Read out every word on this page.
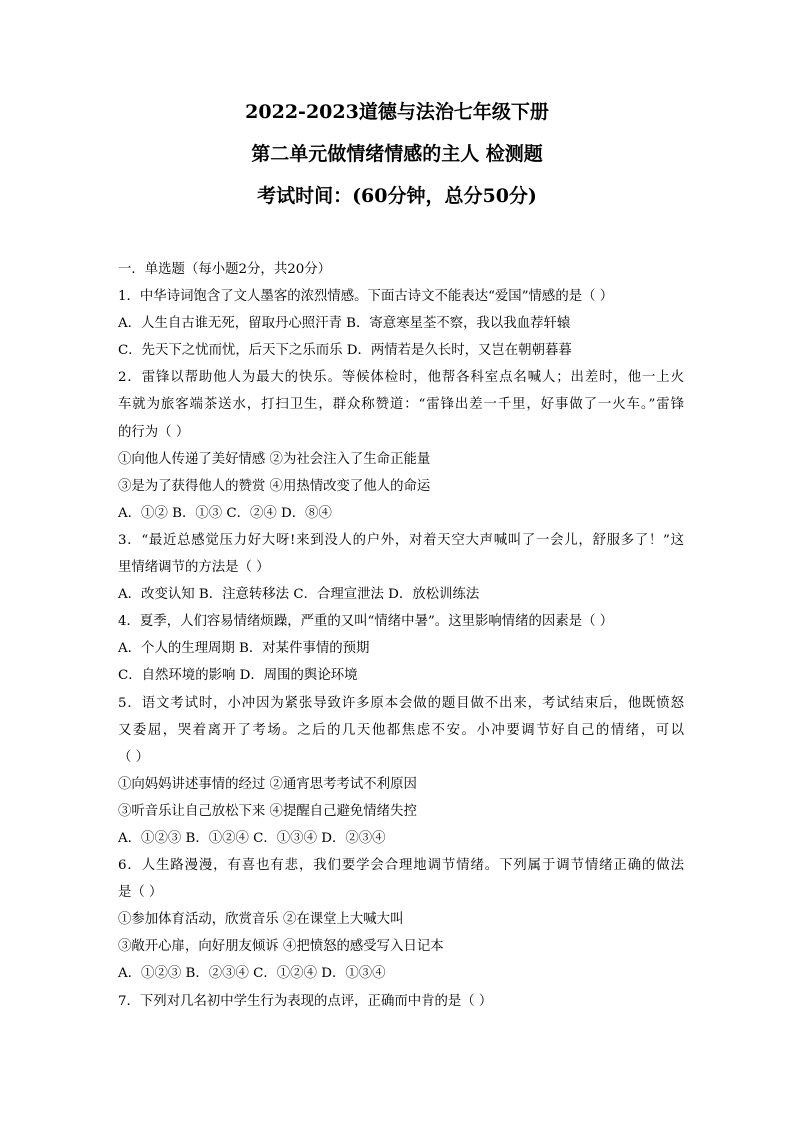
2022-2023道德与法治七年级下册
第二单元做情绪情感的主人 检测题
考试时间：(60分钟，总分50分)
一．单选题（每小题2分，共20分）
1．中华诗词饱含了文人墨客的浓烈情感。下面古诗文不能表达“爱国”情感的是（ ）
A．人生自古谁无死，留取丹心照汗青 B．寄意寒星荃不察，我以我血荐轩辕
C．先天下之忧而忧，后天下之乐而乐 D．两情若是久长时，又岂在朝朝暮暮
2．雷锋以帮助他人为最大的快乐。等候体检时，他帮各科室点名喊人；出差时，他一上火
车就为旅客端茶送水，打扫卫生，群众称赞道：“雷锋出差一千里，好事做了一火车。”雷锋
的行为（ ）
①向他人传递了美好情感 ②为社会注入了生命正能量
③是为了获得他人的赞赏 ④用热情改变了他人的命运
A．①② B．①③ C．②④ D．⑧④
3．“最近总感觉压力好大呀!来到没人的户外，对着天空大声喊叫了一会儿，舒服多了！”这
里情绪调节的方法是（ ）
A．改变认知 B．注意转移法 C．合理宣泄法 D．放松训练法
4．夏季，人们容易情绪烦躁，严重的又叫“情绪中暑”。这里影响情绪的因素是（ ）
A．个人的生理周期 B．对某件事情的预期
C．自然环境的影响 D．周围的舆论环境
5．语文考试时，小冲因为紧张导致许多原本会做的题目做不出来，考试结束后，他既愤怒
又委屈，哭着离开了考场。之后的几天他都焦虑不安。小冲要调节好自己的情绪，可以
（ ）
①向妈妈讲述事情的经过 ②通宵思考考试不利原因
③听音乐让自己放松下来 ④提醒自己避免情绪失控
A．①②③ B．①②④ C．①③④ D．②③④
6．人生路漫漫，有喜也有悲，我们要学会合理地调节情绪。下列属于调节情绪正确的做法
是（ ）
①参加体育活动，欣赏音乐 ②在课堂上大喊大叫
③敞开心扉，向好朋友倾诉 ④把愤怒的感受写入日记本
A．①②③ B．②③④ C．①②④ D．①③④
7．下列对几名初中学生行为表现的点评，正确而中肯的是（ ）
